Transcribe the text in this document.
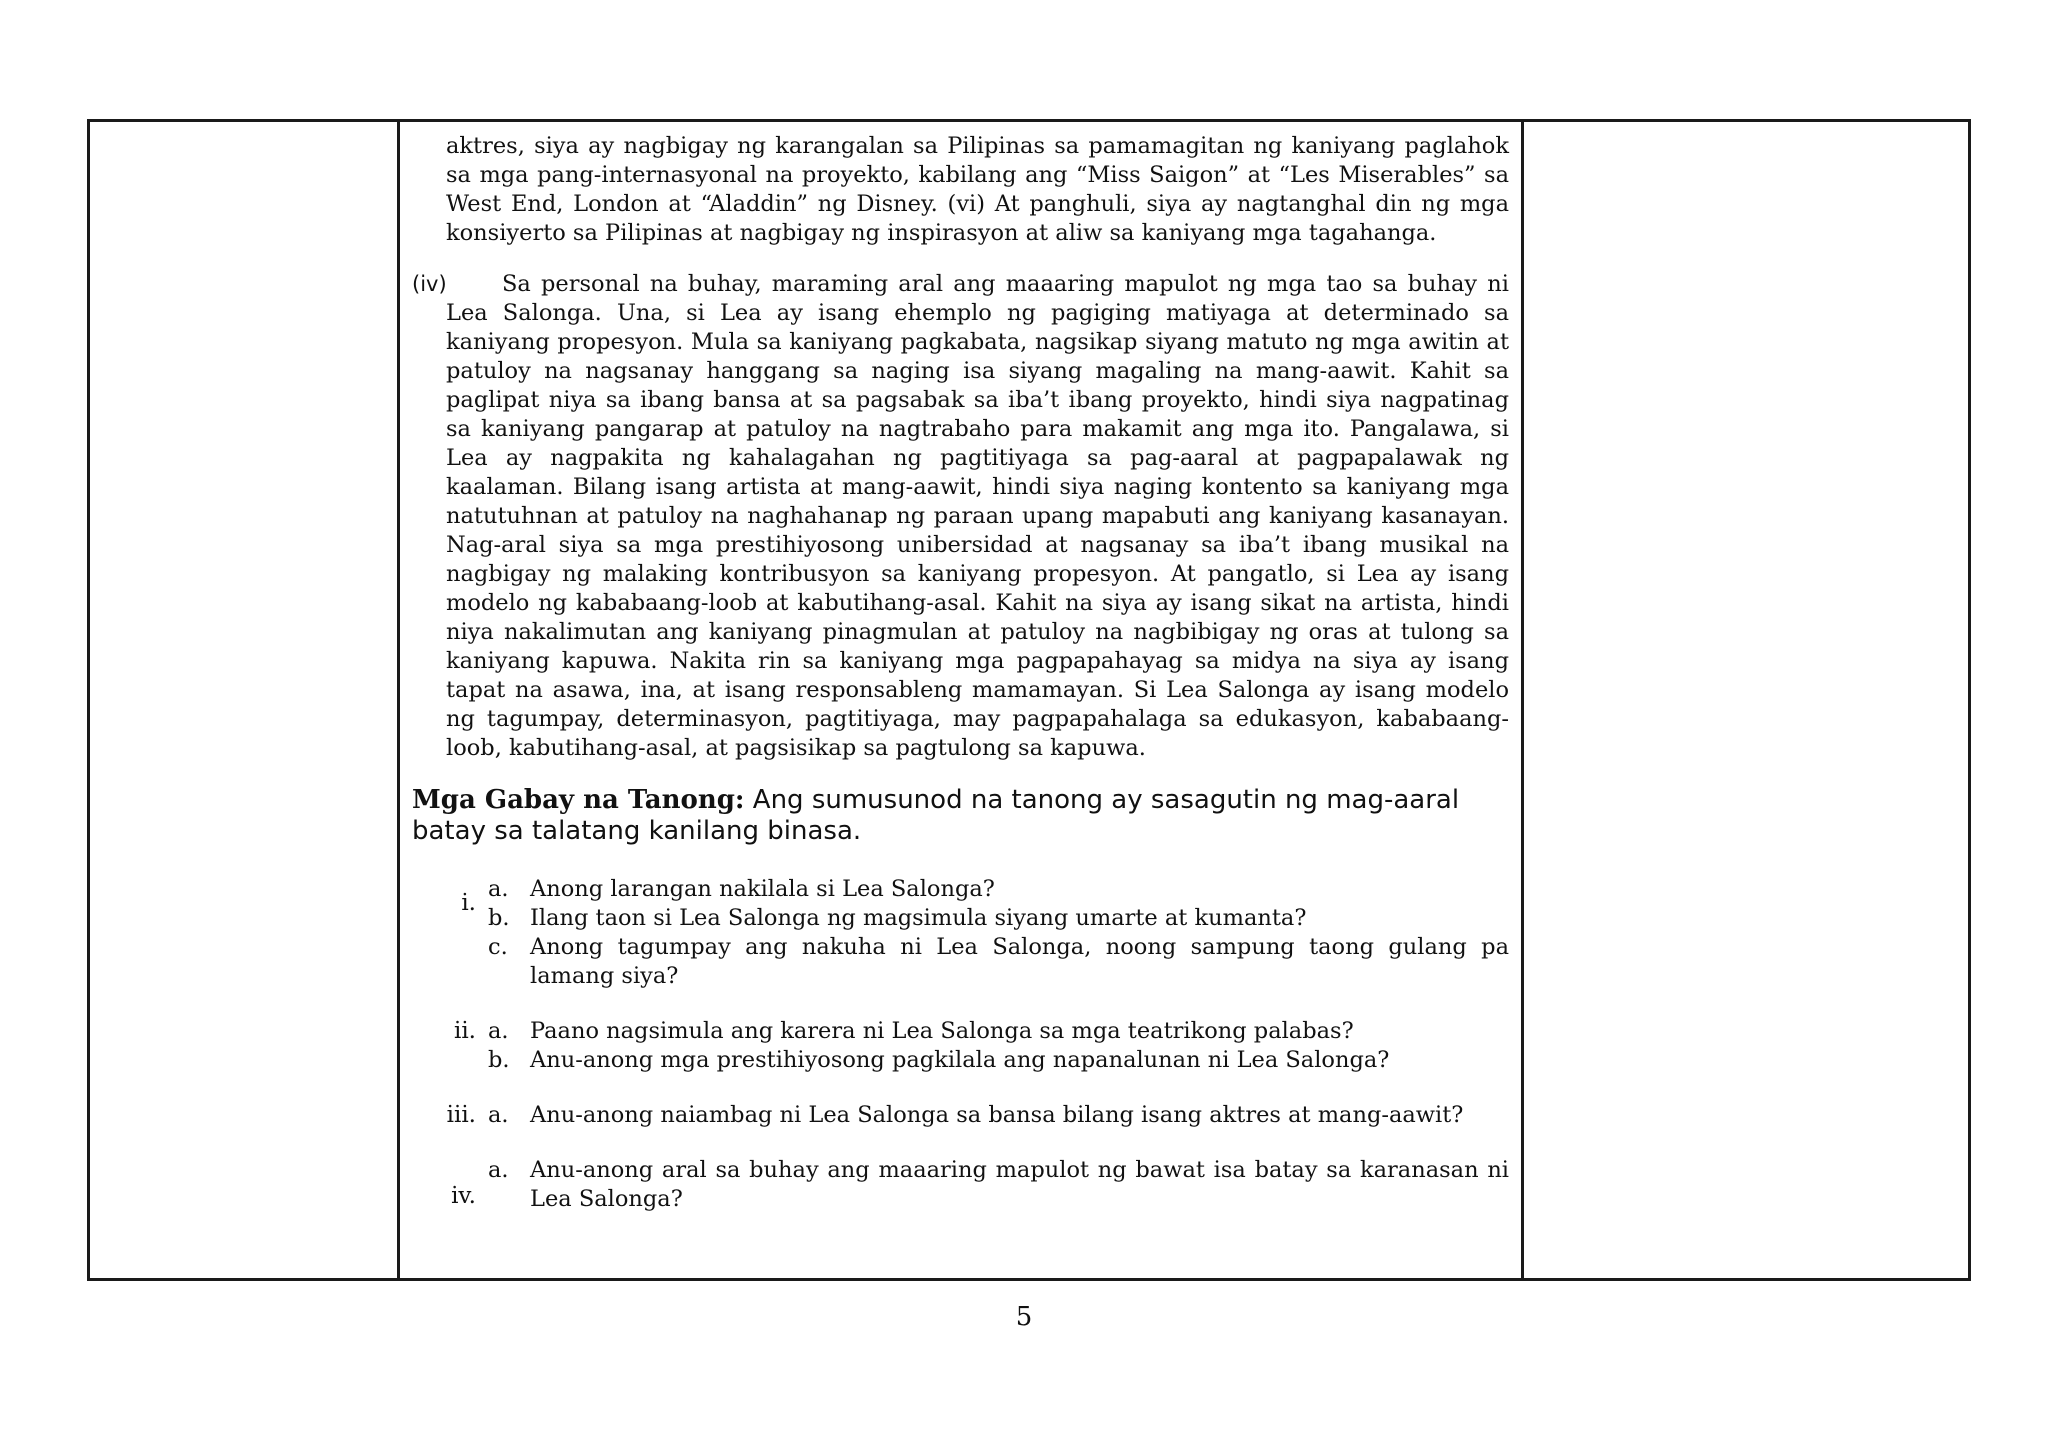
aktres, siya ay nagbigay ng karangalan sa Pilipinas sa pamamagitan ng kaniyang paglahok sa mga pang-internasyonal na proyekto, kabilang ang “Miss Saigon” at “Les Miserables” sa West End, London at “Aladdin” ng Disney. (vi) At panghuli, siya ay nagtanghal din ng mga konsiyerto sa Pilipinas at nagbigay ng inspirasyon at aliw sa kaniyang mga tagahanga.

(iv)	Sa personal na buhay, maraming aral ang maaaring mapulot ng mga tao sa buhay ni Lea Salonga. Una, si Lea ay isang ehemplo ng pagiging matiyaga at determinado sa kaniyang propesyon. Mula sa kaniyang pagkabata, nagsikap siyang matuto ng mga awitin at patuloy na nagsanay hanggang sa naging isa siyang magaling na mang-aawit. Kahit sa paglipat niya sa ibang bansa at sa pagsabak sa iba’t ibang proyekto, hindi siya nagpatinag sa kaniyang pangarap at patuloy na nagtrabaho para makamit ang mga ito. Pangalawa, si Lea ay nagpakita ng kahalagahan ng pagtitiyaga sa pag-aaral at pagpapalawak ng kaalaman. Bilang isang artista at mang-aawit, hindi siya naging kontento sa kaniyang mga natutuhnan at patuloy na naghahanap ng paraan upang mapabuti ang kaniyang kasanayan. Nag-aral siya sa mga prestihiyosong unibersidad at nagsanay sa iba’t ibang musikal na nagbigay ng malaking kontribusyon sa kaniyang propesyon. At pangatlo, si Lea ay isang modelo ng kababaang-loob at kabutihang-asal. Kahit na siya ay isang sikat na artista, hindi niya nakalimutan ang kaniyang pinagmulan at patuloy na nagbibigay ng oras at tulong sa kaniyang kapuwa. Nakita rin sa kaniyang mga pagpapahayag sa midya na siya ay isang tapat na asawa, ina, at isang responsableng mamamayan. Si Lea Salonga ay isang modelo ng tagumpay, determinasyon, pagtitiyaga, may pagpapahalaga sa edukasyon, kababaang-loob, kabutihang-asal, at pagsisikap sa pagtulong sa kapuwa.

Mga Gabay na Tanong: Ang sumusunod na tanong ay sasagutin ng mag-aaral batay sa talatang kanilang binasa.
i.
a. Anong larangan nakilala si Lea Salonga?
b. Ilang taon si Lea Salonga ng magsimula siyang umarte at kumanta?
c. Anong tagumpay ang nakuha ni Lea Salonga, noong sampung taong gulang pa lamang siya?
ii. a. Paano nagsimula ang karera ni Lea Salonga sa mga teatrikong palabas?
b. Anu-anong mga prestihiyosong pagkilala ang napanalunan ni Lea Salonga?
iii. a. Anu-anong naiambag ni Lea Salonga sa bansa bilang isang aktres at mang-aawit?
iv.
a. Anu-anong aral sa buhay ang maaaring mapulot ng bawat isa batay sa karanasan ni Lea Salonga?
5
